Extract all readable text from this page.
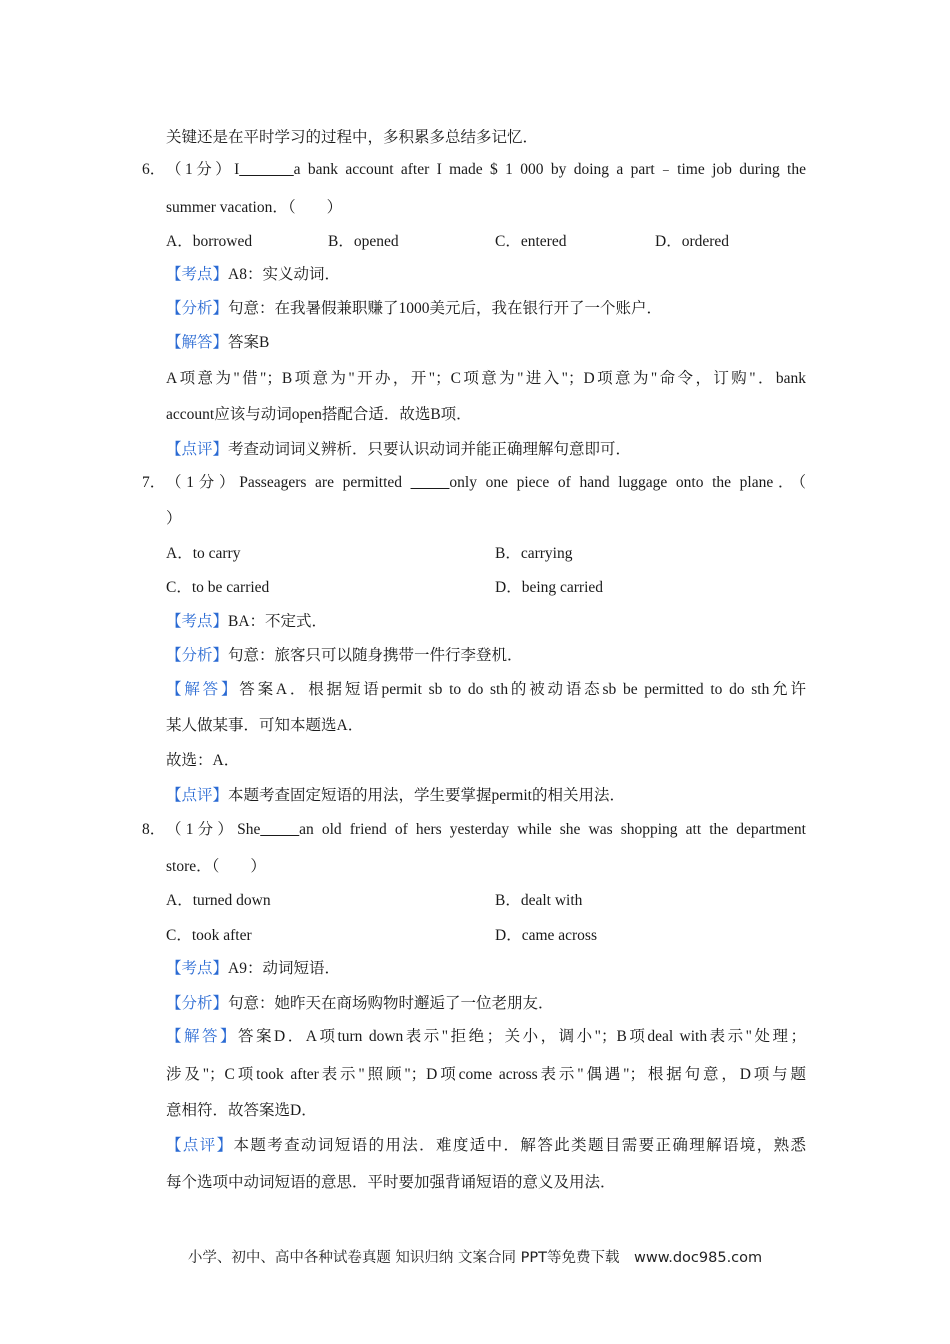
关键还是在平时学习的过程中，多积累多总结多记忆．
6． （1分）I_______a bank account after I made $ 1 000 by doing a part﹣time job during the
summer vacation．（　　）
A．borrowed	B．opened	C．entered	D．ordered
【考点】A8：实义动词．
【分析】句意：在我暑假兼职赚了1000美元后，我在银行开了一个账户．
【解答】答案B
A项意为"借"；B项意为"开办，开"；C项意为"进入"；D项意为"命令，订购"．bank
account应该与动词open搭配合适．故选B项．
【点评】考查动词词义辨析．只要认识动词并能正确理解句意即可．
7． （1分）Passeagers are permitted _____only one piece of hand luggage onto the plane．（
）
A．to carry	B．carrying
C．to be carried	D．being carried
【考点】BA：不定式．
【分析】句意：旅客只可以随身携带一件行李登机．
【解答】答案A．根据短语permit sb to do sth的被动语态sb be permitted to do sth允许
某人做某事．可知本题选A．
故选：A．
【点评】本题考查固定短语的用法，学生要掌握permit的相关用法．
8． （1分）She_____an old friend of hers yesterday while she was shopping att the department
store．（　　）
A．turned down	B．dealt with
C．took after	D．came across
【考点】A9：动词短语．
【分析】句意：她昨天在商场购物时邂逅了一位老朋友．
【解答】答案D．A项turn down表示"拒绝；关小，调小"；B项deal with表示"处理；
涉及"；C项took after表示"照顾"；D项come across表示"偶遇"；根据句意，D项与题
意相符．故答案选D．
【点评】本题考查动词短语的用法．难度适中．解答此类题目需要正确理解语境，熟悉
每个选项中动词短语的意思．平时要加强背诵短语的意义及用法．
小学、初中、高中各种试卷真题 知识归纳 文案合同 PPT等免费下载　www.doc985.com
